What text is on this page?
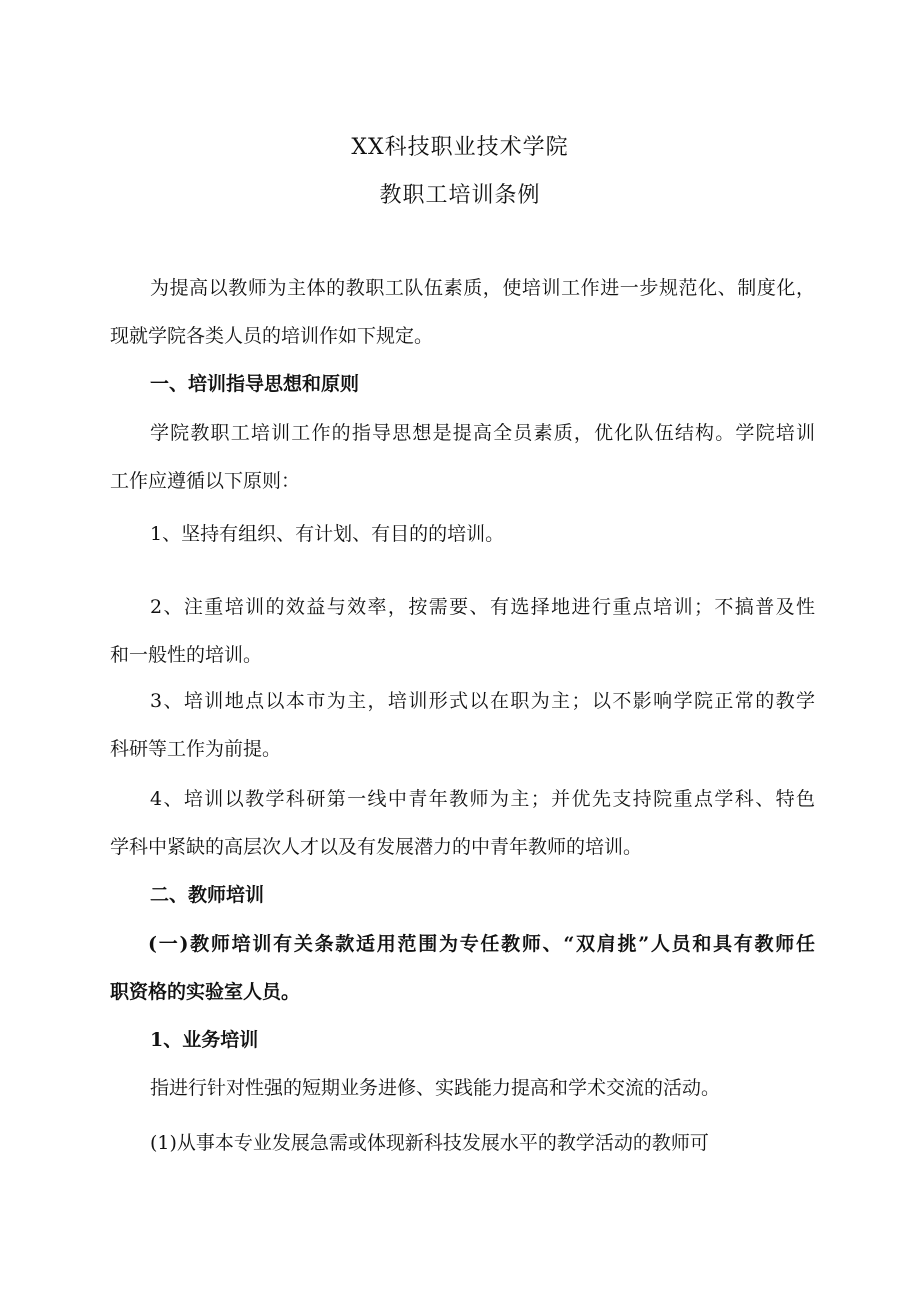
XX科技职业技术学院
教职工培训条例
为提高以教师为主体的教职工队伍素质，使培训工作进一步规范化、制度化，
现就学院各类人员的培训作如下规定。
一、培训指导思想和原则
学院教职工培训工作的指导思想是提高全员素质，优化队伍结构。学院培训
工作应遵循以下原则：
1、坚持有组织、有计划、有目的的培训。
2、注重培训的效益与效率，按需要、有选择地进行重点培训；不搞普及性
和一般性的培训。
3、培训地点以本市为主，培训形式以在职为主；以不影响学院正常的教学
科研等工作为前提。
4、培训以教学科研第一线中青年教师为主；并优先支持院重点学科、特色
学科中紧缺的高层次人才以及有发展潜力的中青年教师的培训。
二、教师培训
(一)教师培训有关条款适用范围为专任教师、“双肩挑”人员和具有教师任
职资格的实验室人员。
1、业务培训
指进行针对性强的短期业务进修、实践能力提高和学术交流的活动。
(1)从事本专业发展急需或体现新科技发展水平的教学活动的教师可
